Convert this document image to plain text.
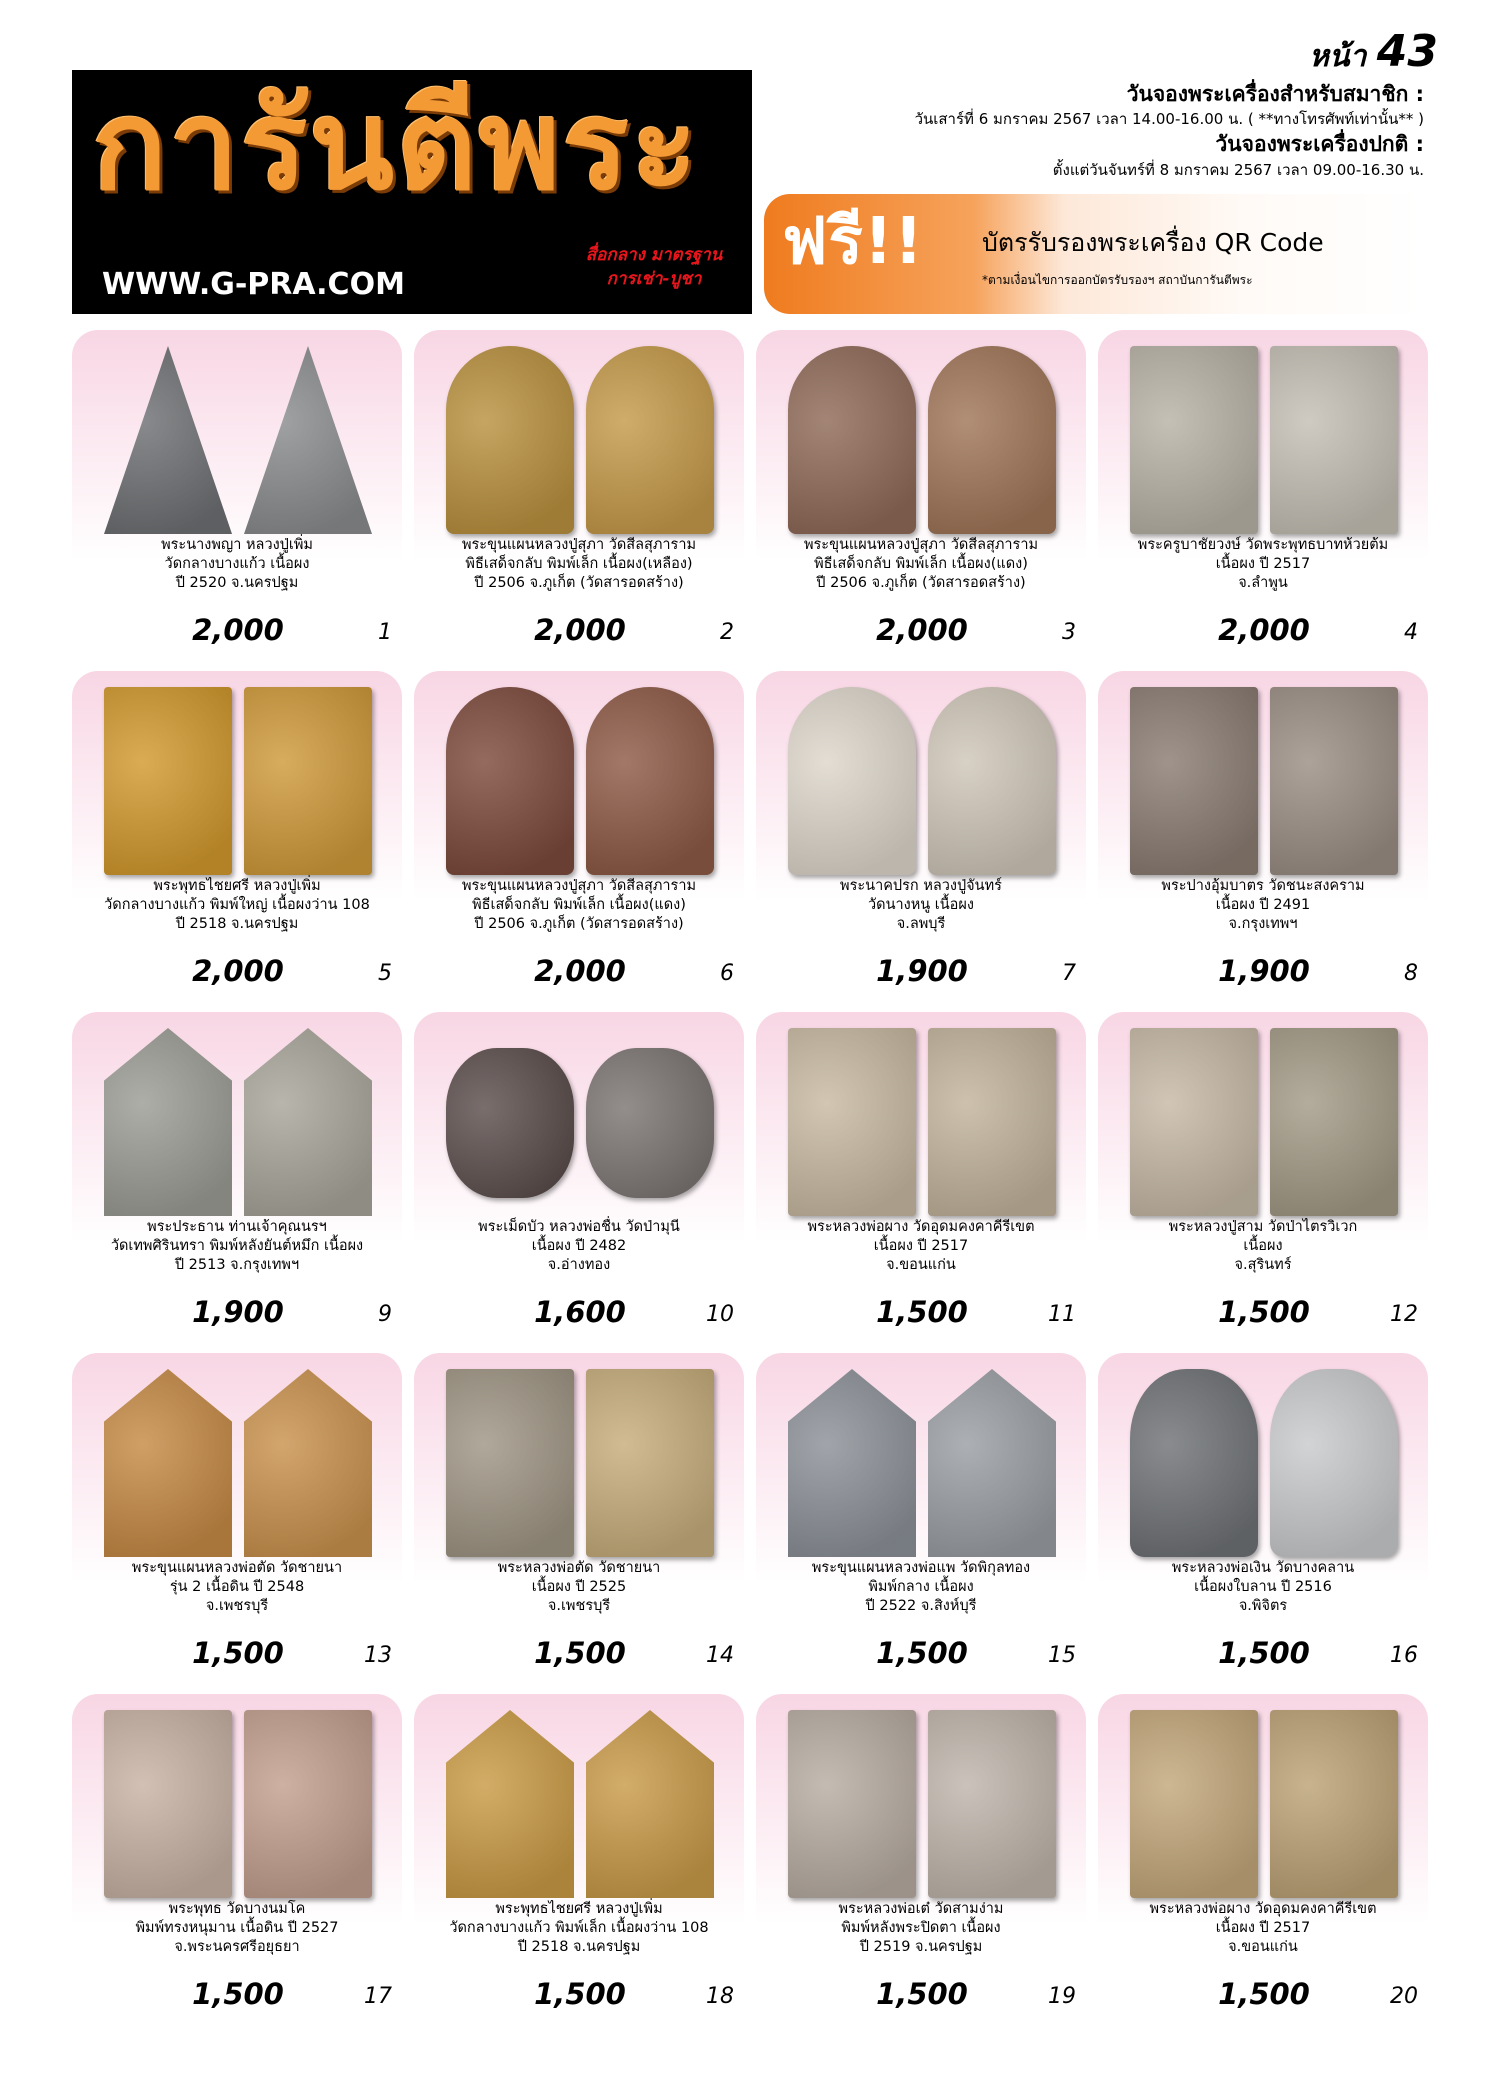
หน้า 43
การันตีพระ
WWW.G-PRA.COM
สื่อกลาง มาตรฐาน
การเช่า-บูชา
วันจองพระเครื่องสำหรับสมาชิก :
วันเสาร์ที่ 6 มกราคม 2567 เวลา 14.00-16.00 น. ( **ทางโทรศัพท์เท่านั้น** )
วันจองพระเครื่องปกติ :
ตั้งแต่วันจันทร์ที่ 8 มกราคม 2567 เวลา 09.00-16.30 น.
ฟรี!! บัตรรับรองพระเครื่อง QR Code
*ตามเงื่อนไขการออกบัตรรับรองฯ สถาบันการันตีพระ
พระนางพญา หลวงปู่เพิ่ม
วัดกลางบางแก้ว เนื้อผง
ปี 2520 จ.นครปฐม
2,000	1
พระขุนแผนหลวงปู่สุภา วัดสีลสุภาราม
พิธีเสด็จกลับ พิมพ์เล็ก เนื้อผง(เหลือง)
ปี 2506 จ.ภูเก็ต (วัดสารอดสร้าง)
2,000	2
พระขุนแผนหลวงปู่สุภา วัดสีลสุภาราม
พิธีเสด็จกลับ พิมพ์เล็ก เนื้อผง(แดง)
ปี 2506 จ.ภูเก็ต (วัดสารอดสร้าง)
2,000	3
พระครูบาชัยวงษ์ วัดพระพุทธบาทห้วยต้ม
เนื้อผง ปี 2517
จ.ลำพูน
2,000	4
พระพุทธไชยศรี หลวงปู่เพิ่ม
วัดกลางบางแก้ว พิมพ์ใหญ่ เนื้อผงว่าน 108
ปี 2518 จ.นครปฐม
2,000	5
พระขุนแผนหลวงปู่สุภา วัดสีลสุภาราม
พิธีเสด็จกลับ พิมพ์เล็ก เนื้อผง(แดง)
ปี 2506 จ.ภูเก็ต (วัดสารอดสร้าง)
2,000	6
พระนาคปรก หลวงปู่จันทร์
วัดนางหนู เนื้อผง
จ.ลพบุรี
1,900	7
พระปางอุ้มบาตร วัดชนะสงคราม
เนื้อผง ปี 2491
จ.กรุงเทพฯ
1,900	8
พระประธาน ท่านเจ้าคุณนรฯ
วัดเทพศิรินทรา พิมพ์หลังยันต์หมึก เนื้อผง
ปี 2513 จ.กรุงเทพฯ
1,900	9
พระเม็ดบัว หลวงพ่อชื่น วัดป่ามุนี
เนื้อผง ปี 2482
จ.อ่างทอง
1,600	10
พระหลวงพ่อผาง วัดอุดมคงคาคีรีเขต
เนื้อผง ปี 2517
จ.ขอนแก่น
1,500	11
พระหลวงปู่สาม วัดป่าไตรวิเวก
เนื้อผง
จ.สุรินทร์
1,500	12
พระขุนแผนหลวงพ่อตัด วัดชายนา
รุ่น 2 เนื้อดิน ปี 2548
จ.เพชรบุรี
1,500	13
พระหลวงพ่อตัด วัดชายนา
เนื้อผง ปี 2525
จ.เพชรบุรี
1,500	14
พระขุนแผนหลวงพ่อแพ วัดพิกุลทอง
พิมพ์กลาง เนื้อผง
ปี 2522 จ.สิงห์บุรี
1,500	15
พระหลวงพ่อเงิน วัดบางคลาน
เนื้อผงใบลาน ปี 2516
จ.พิจิตร
1,500	16
พระพุทธ วัดบางนมโค
พิมพ์ทรงหนุมาน เนื้อดิน ปี 2527
จ.พระนครศรีอยุธยา
1,500	17
พระพุทธไชยศรี หลวงปู่เพิ่ม
วัดกลางบางแก้ว พิมพ์เล็ก เนื้อผงว่าน 108
ปี 2518 จ.นครปฐม
1,500	18
พระหลวงพ่อเต๋ วัดสามง่าม
พิมพ์หลังพระปิดตา เนื้อผง
ปี 2519 จ.นครปฐม
1,500	19
พระหลวงพ่อผาง วัดอุดมคงคาคีรีเขต
เนื้อผง ปี 2517
จ.ขอนแก่น
1,500	20
